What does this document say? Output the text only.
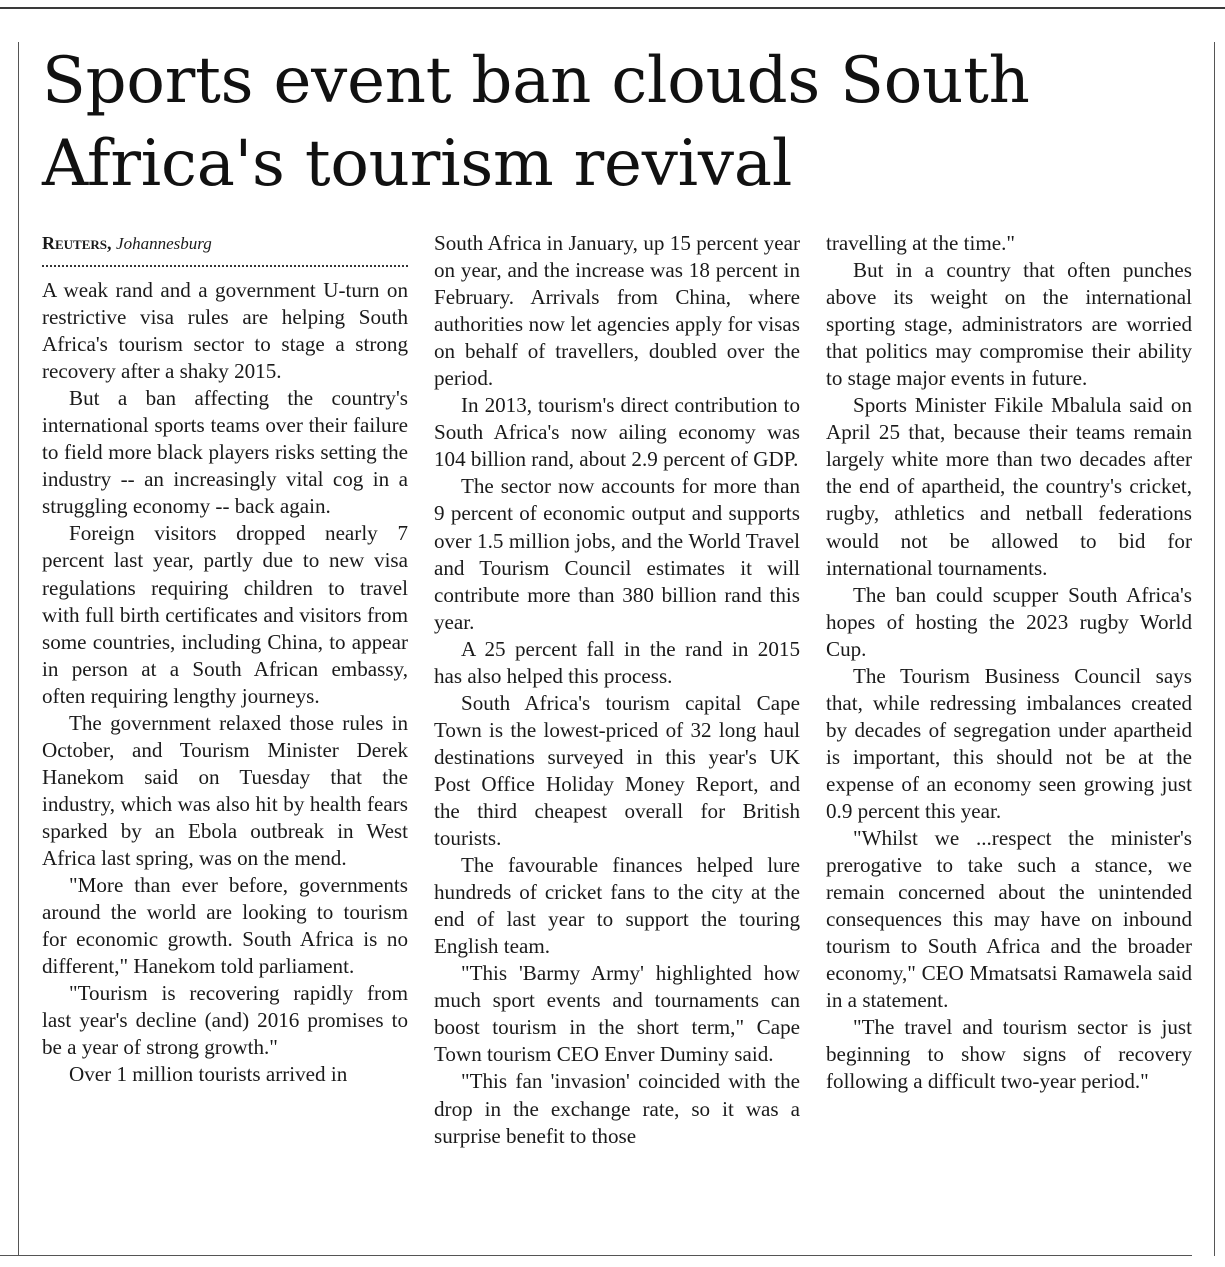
Sports event ban clouds South Africa's tourism revival
Reuters, Johannesburg

A weak rand and a government U-turn on restrictive visa rules are helping South Africa's tourism sector to stage a strong recovery after a shaky 2015.

But a ban affecting the country's international sports teams over their failure to field more black players risks setting the industry -- an increasingly vital cog in a struggling economy -- back again.

Foreign visitors dropped nearly 7 percent last year, partly due to new visa regulations requiring children to travel with full birth certificates and visitors from some countries, including China, to appear in person at a South African embassy, often requiring lengthy journeys.

The government relaxed those rules in October, and Tourism Minister Derek Hanekom said on Tuesday that the industry, which was also hit by health fears sparked by an Ebola outbreak in West Africa last spring, was on the mend.

"More than ever before, governments around the world are looking to tourism for economic growth. South Africa is no different," Hanekom told parliament.

"Tourism is recovering rapidly from last year's decline (and) 2016 promises to be a year of strong growth."

Over 1 million tourists arrived in

South Africa in January, up 15 percent year on year, and the increase was 18 percent in February. Arrivals from China, where authorities now let agencies apply for visas on behalf of travellers, doubled over the period.

In 2013, tourism's direct contribution to South Africa's now ailing economy was 104 billion rand, about 2.9 percent of GDP.

The sector now accounts for more than 9 percent of economic output and supports over 1.5 million jobs, and the World Travel and Tourism Council estimates it will contribute more than 380 billion rand this year.

A 25 percent fall in the rand in 2015 has also helped this process.

South Africa's tourism capital Cape Town is the lowest-priced of 32 long haul destinations surveyed in this year's UK Post Office Holiday Money Report, and the third cheapest overall for British tourists.

The favourable finances helped lure hundreds of cricket fans to the city at the end of last year to support the touring English team.

"This 'Barmy Army' highlighted how much sport events and tournaments can boost tourism in the short term," Cape Town tourism CEO Enver Duminy said.

"This fan 'invasion' coincided with the drop in the exchange rate, so it was a surprise benefit to those

travelling at the time."

But in a country that often punches above its weight on the international sporting stage, administrators are worried that politics may compromise their ability to stage major events in future.

Sports Minister Fikile Mbalula said on April 25 that, because their teams remain largely white more than two decades after the end of apartheid, the country's cricket, rugby, athletics and netball federations would not be allowed to bid for international tournaments.

The ban could scupper South Africa's hopes of hosting the 2023 rugby World Cup.

The Tourism Business Council says that, while redressing imbalances created by decades of segregation under apartheid is important, this should not be at the expense of an economy seen growing just 0.9 percent this year.

"Whilst we ...respect the minister's prerogative to take such a stance, we remain concerned about the unintended consequences this may have on inbound tourism to South Africa and the broader economy," CEO Mmatsatsi Ramawela said in a statement.

"The travel and tourism sector is just beginning to show signs of recovery following a difficult two-year period."
